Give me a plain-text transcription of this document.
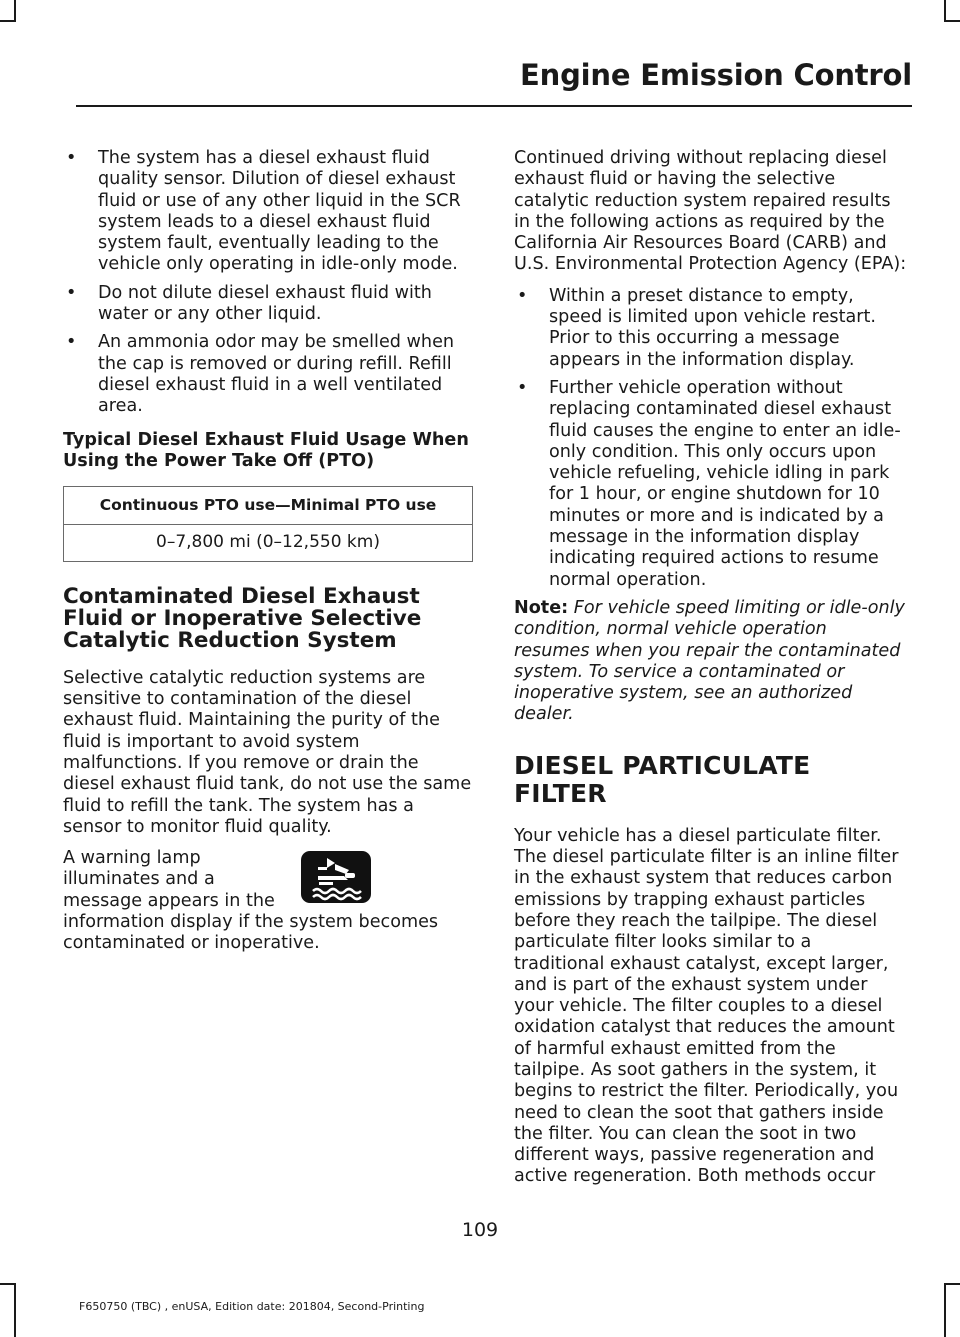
Engine Emission Control
• The system has a diesel exhaust fluid quality sensor. Dilution of diesel exhaust fluid or use of any other liquid in the SCR system leads to a diesel exhaust fluid system fault, eventually leading to the vehicle only operating in idle-only mode.
• Do not dilute diesel exhaust fluid with water or any other liquid.
• An ammonia odor may be smelled when the cap is removed or during refill. Refill diesel exhaust fluid in a well ventilated area.
Typical Diesel Exhaust Fluid Usage When Using the Power Take Off (PTO)
Continuous PTO use—Minimal PTO use
0–7,800 mi (0–12,550 km)
Contaminated Diesel Exhaust Fluid or Inoperative Selective Catalytic Reduction System

Selective catalytic reduction systems are sensitive to contamination of the diesel exhaust fluid. Maintaining the purity of the fluid is important to avoid system malfunctions. If you remove or drain the diesel exhaust fluid tank, do not use the same fluid to refill the tank. The system has a sensor to monitor fluid quality.

A warning lamp illuminates and a message appears in the information display if the system becomes contaminated or inoperative.

Continued driving without replacing diesel exhaust fluid or having the selective catalytic reduction system repaired results in the following actions as required by the California Air Resources Board (CARB) and U.S. Environmental Protection Agency (EPA):

• Within a preset distance to empty, speed is limited upon vehicle restart. Prior to this occurring a message appears in the information display.
• Further vehicle operation without replacing contaminated diesel exhaust fluid causes the engine to enter an idle-only condition. This only occurs upon vehicle refueling, vehicle idling in park for 1 hour, or engine shutdown for 10 minutes or more and is indicated by a message in the information display indicating required actions to resume normal operation.

Note: For vehicle speed limiting or idle-only condition, normal vehicle operation resumes when you repair the contaminated system. To service a contaminated or inoperative system, see an authorized dealer.

DIESEL PARTICULATE FILTER

Your vehicle has a diesel particulate filter. The diesel particulate filter is an inline filter in the exhaust system that reduces carbon emissions by trapping exhaust particles before they reach the tailpipe. The diesel particulate filter looks similar to a traditional exhaust catalyst, except larger, and is part of the exhaust system under your vehicle. The filter couples to a diesel oxidation catalyst that reduces the amount of harmful exhaust emitted from the tailpipe. As soot gathers in the system, it begins to restrict the filter. Periodically, you need to clean the soot that gathers inside the filter. You can clean the soot in two different ways, passive regeneration and active regeneration. Both methods occur

109
F650750 (TBC) , enUSA, Edition date: 201804, Second-Printing
